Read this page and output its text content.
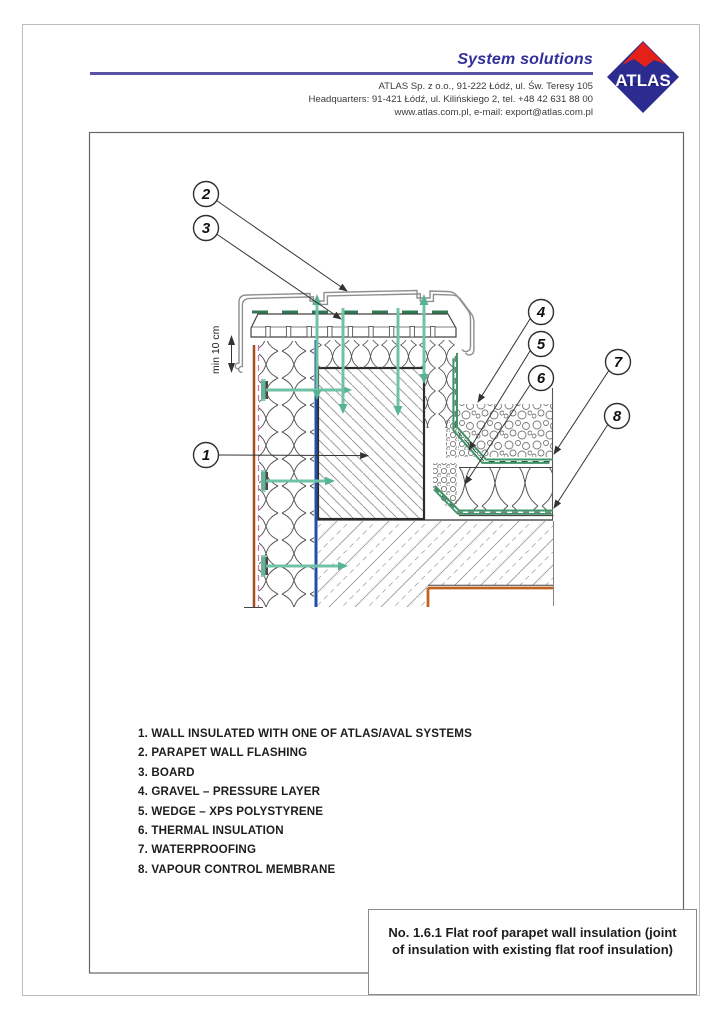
System solutions
ATLAS Sp. z o.o., 91-222 Łódź, ul. Św. Teresy 105
Headquarters: 91-421 Łódź, ul. Kilińskiego 2, tel. +48 42 631 88 00
www.atlas.com.pl, e-mail: export@atlas.com.pl
ATLAS
min 10 cm
1
2
3
4
5
6
7
8
1. WALL INSULATED WITH ONE OF ATLAS/AVAL SYSTEMS
2. PARAPET WALL FLASHING
3. BOARD
4. GRAVEL – PRESSURE LAYER
5. WEDGE – XPS POLYSTYRENE
6. THERMAL INSULATION
7. WATERPROOFING
8. VAPOUR CONTROL MEMBRANE
No. 1.6.1 Flat roof parapet wall insulation (joint
of insulation with existing flat roof insulation)
